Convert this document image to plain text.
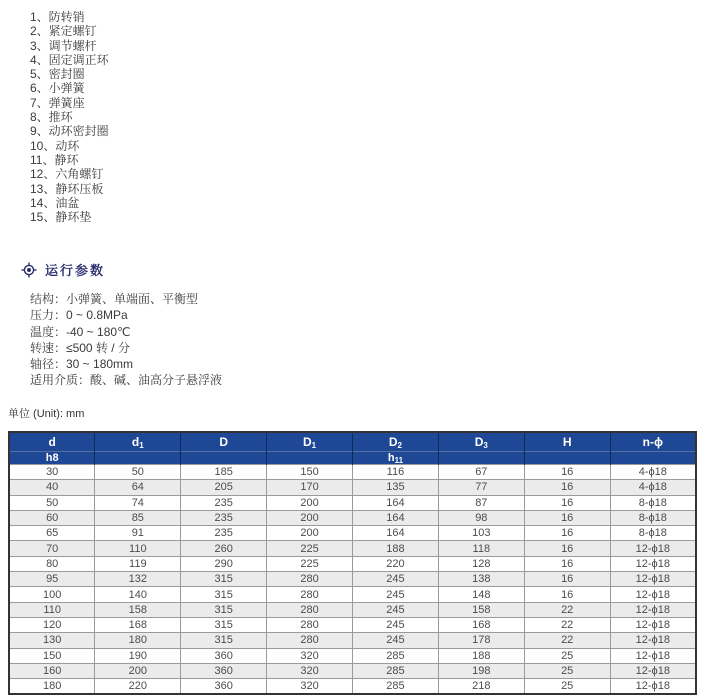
1、防转销
2、紧定螺钉
3、调节螺杆
4、固定调正环
5、密封圈
6、小弹簧
7、弹簧座
8、推环
9、动环密封圈
10、动环
11、静环
12、六角螺钉
13、静环压板
14、油盆
15、静环垫
运行参数
结构：小弹簧、单端面、平衡型
压力：0 ~ 0.8MPa
温度：-40 ~ 180℃
转速：≤500 转 / 分
轴径：30 ~ 180mm
适用介质：酸、碱、油高分子悬浮液
单位 (Unit): mm
d	d1	D	D1	D2	D3	H	n-ϕ
h8				h11			
30	50	185	150	116	67	16	4-ϕ18
40	64	205	170	135	77	16	4-ϕ18
50	74	235	200	164	87	16	8-ϕ18
60	85	235	200	164	98	16	8-ϕ18
65	91	235	200	164	103	16	8-ϕ18
70	110	260	225	188	118	16	12-ϕ18
80	119	290	225	220	128	16	12-ϕ18
95	132	315	280	245	138	16	12-ϕ18
100	140	315	280	245	148	16	12-ϕ18
110	158	315	280	245	158	22	12-ϕ18
120	168	315	280	245	168	22	12-ϕ18
130	180	315	280	245	178	22	12-ϕ18
150	190	360	320	285	188	25	12-ϕ18
160	200	360	320	285	198	25	12-ϕ18
180	220	360	320	285	218	25	12-ϕ18
